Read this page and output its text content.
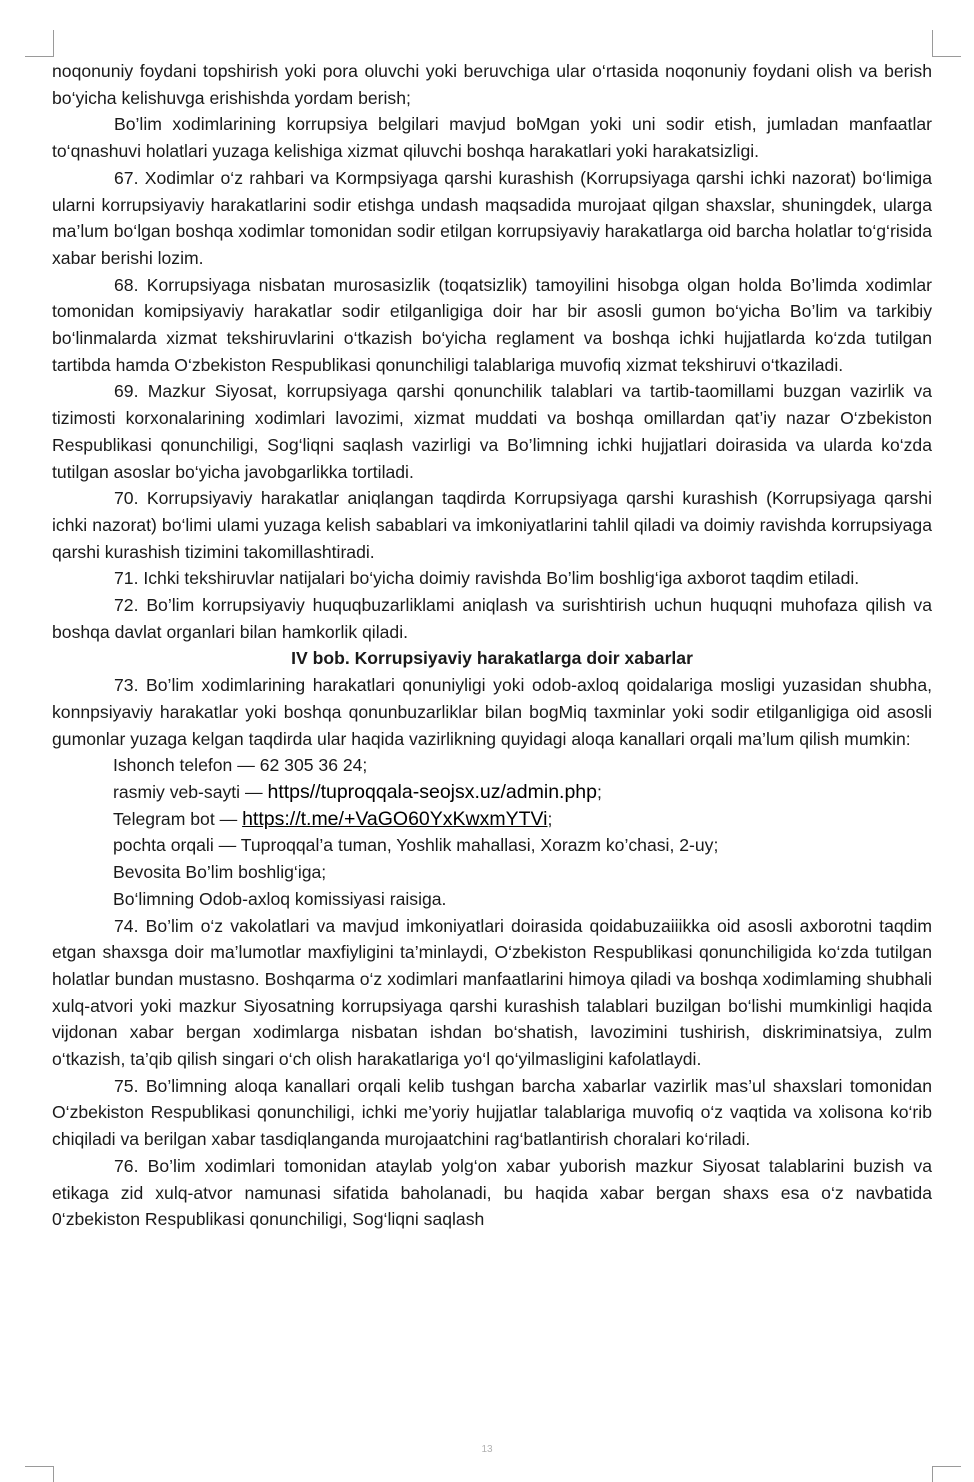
noqonuniy foydani topshirish yoki pora oluvchi yoki beruvchiga ular o‘rtasida noqonuniy foydani olish va berish bo‘yicha kelishuvga erishishda yordam berish;

Bo’lim xodimlarining korrupsiya belgilari mavjud boMgan yoki uni sodir etish, jumladan manfaatlar to‘qnashuvi holatlari yuzaga kelishiga xizmat qiluvchi boshqa harakatlari yoki harakatsizligi.

67. Xodimlar o‘z rahbari va Kormpsiyaga qarshi kurashish (Korrupsiyaga qarshi ichki nazorat) bo‘limiga ularni korrupsiyaviy harakatlarini sodir etishga undash maqsadida murojaat qilgan shaxslar, shuningdek, ularga ma’lum bo‘lgan boshqa xodimlar tomonidan sodir etilgan korrupsiyaviy harakatlarga oid barcha holatlar to‘g‘risida xabar berishi lozim.

68. Korrupsiyaga nisbatan murosasizlik (toqatsizlik) tamoyilini hisobga olgan holda Bo’limda xodimlar tomonidan komipsiyaviy harakatlar sodir etilganligiga doir har bir asosli gumon bo‘yicha Bo’lim va tarkibiy bo‘linmalarda xizmat tekshiruvlarini o‘tkazish bo‘yicha reglament va boshqa ichki hujjatlarda ko‘zda tutilgan tartibda hamda O‘zbekiston Respublikasi qonunchiligi talablariga muvofiq xizmat tekshiruvi o‘tkaziladi.

69. Mazkur Siyosat, korrupsiyaga qarshi qonunchilik talablari va tartib-taomillami buzgan vazirlik va tizimosti korxonalarining xodimlari lavozimi, xizmat muddati va boshqa omillardan qat’iy nazar O‘zbekiston Respublikasi qonunchiligi, Sog‘liqni saqlash vazirligi va Bo’limning ichki hujjatlari doirasida va ularda ko‘zda tutilgan asoslar bo‘yicha javobgarlikka tortiladi.

70. Korrupsiyaviy harakatlar aniqlangan taqdirda Korrupsiyaga qarshi kurashish (Korrupsiyaga qarshi ichki nazorat) bo‘limi ulami yuzaga kelish sabablari va imkoniyatlarini tahlil qiladi va doimiy ravishda korrupsiyaga qarshi kurashish tizimini takomillashtiradi.

71. Ichki tekshiruvlar natijalari bo‘yicha doimiy ravishda Bo’lim boshlig‘iga axborot taqdim etiladi.

72. Bo’lim korrupsiyaviy huquqbuzarliklami aniqlash va surishtirish uchun huquqni muhofaza qilish va boshqa davlat organlari bilan hamkorlik qiladi.

IV bob. Korrupsiyaviy harakatlarga doir xabarlar

73. Bo’lim xodimlarining harakatlari qonuniyligi yoki odob-axloq qoidalariga mosligi yuzasidan shubha, konnpsiyaviy harakatlar yoki boshqa qonunbuzarliklar bilan bogMiq taxminlar yoki sodir etilganligiga oid asosli gumonlar yuzaga kelgan taqdirda ular haqida vazirlikning quyidagi aloqa kanallari orqali ma’lum qilish mumkin:

Ishonch telefon — 62 305 36 24;

rasmiy veb-sayti — https//tuproqqala-seojsx.uz/admin.php;

Telegram bot — https://t.me/+VaGO60YxKwxmYTVi;

pochta orqali — Tuproqqal’a tuman, Yoshlik mahallasi, Xorazm ko’chasi, 2-uy;

Bevosita Bo’lim boshlig‘iga;

Bo‘limning Odob-axloq komissiyasi raisiga.

74. Bo’lim o‘z vakolatlari va mavjud imkoniyatlari doirasida qoidabuzaiiikka oid asosli axborotni taqdim etgan shaxsga doir ma’lumotlar maxfiyligini ta’minlaydi, O‘zbekiston Respublikasi qonunchiligida ko‘zda tutilgan holatlar bundan mustasno. Boshqarma o‘z xodimlari manfaatlarini himoya qiladi va boshqa xodimlaming shubhali xulq-atvori yoki mazkur Siyosatning korrupsiyaga qarshi kurashish talablari buzilgan bo‘lishi mumkinligi haqida vijdonan xabar bergan xodimlarga nisbatan ishdan bo‘shatish, lavozimini tushirish, diskriminatsiya, zulm o‘tkazish, ta’qib qilish singari o‘ch olish harakatlariga yo‘l qo‘yilmasligini kafolatlaydi.

75. Bo’limning aloqa kanallari orqali kelib tushgan barcha xabarlar vazirlik mas’ul shaxslari tomonidan O‘zbekiston Respublikasi qonunchiligi, ichki me’yoriy hujjatlar talablariga muvofiq o‘z vaqtida va xolisona ko‘rib chiqiladi va berilgan xabar tasdiqlanganda murojaatchini rag‘batlantirish choralari ko‘riladi.

76. Bo’lim xodimlari tomonidan ataylab yolg‘on xabar yuborish mazkur Siyosat talablarini buzish va etikaga zid xulq-atvor namunasi sifatida baholanadi, bu haqida xabar bergan shaxs esa o‘z navbatida 0‘zbekiston Respublikasi qonunchiligi, Sog‘liqni saqlash

13
